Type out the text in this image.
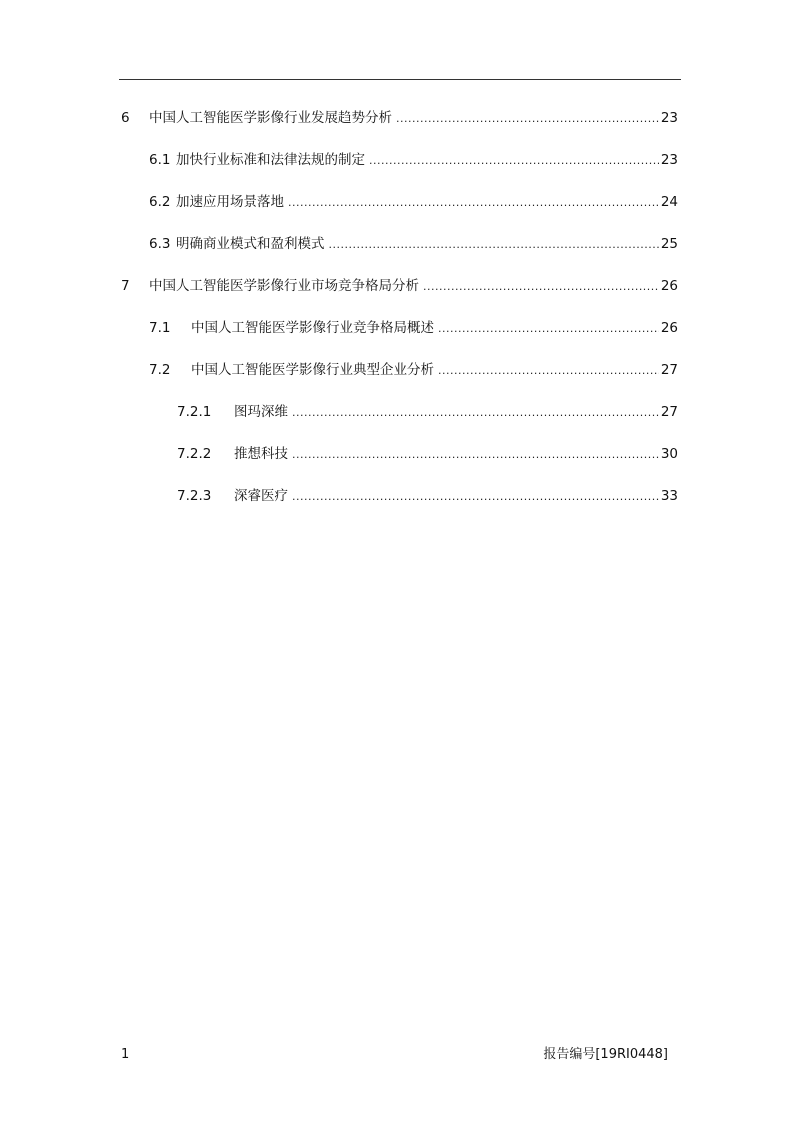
6	中国人工智能医学影像行业发展趋势分析 .....	23
6.1 加快行业标准和法律法规的制定 .....	23
6.2 加速应用场景落地 .....	24
6.3 明确商业模式和盈利模式 .....	25
7	中国人工智能医学影像行业市场竞争格局分析 .....	26
7.1	中国人工智能医学影像行业竞争格局概述 .....	26
7.2	中国人工智能医学影像行业典型企业分析 .....	27
7.2.1	图玛深维 .....	27
7.2.2	推想科技 .....	30
7.2.3	深睿医疗 .....	33
1	报告编号[19RI0448]
